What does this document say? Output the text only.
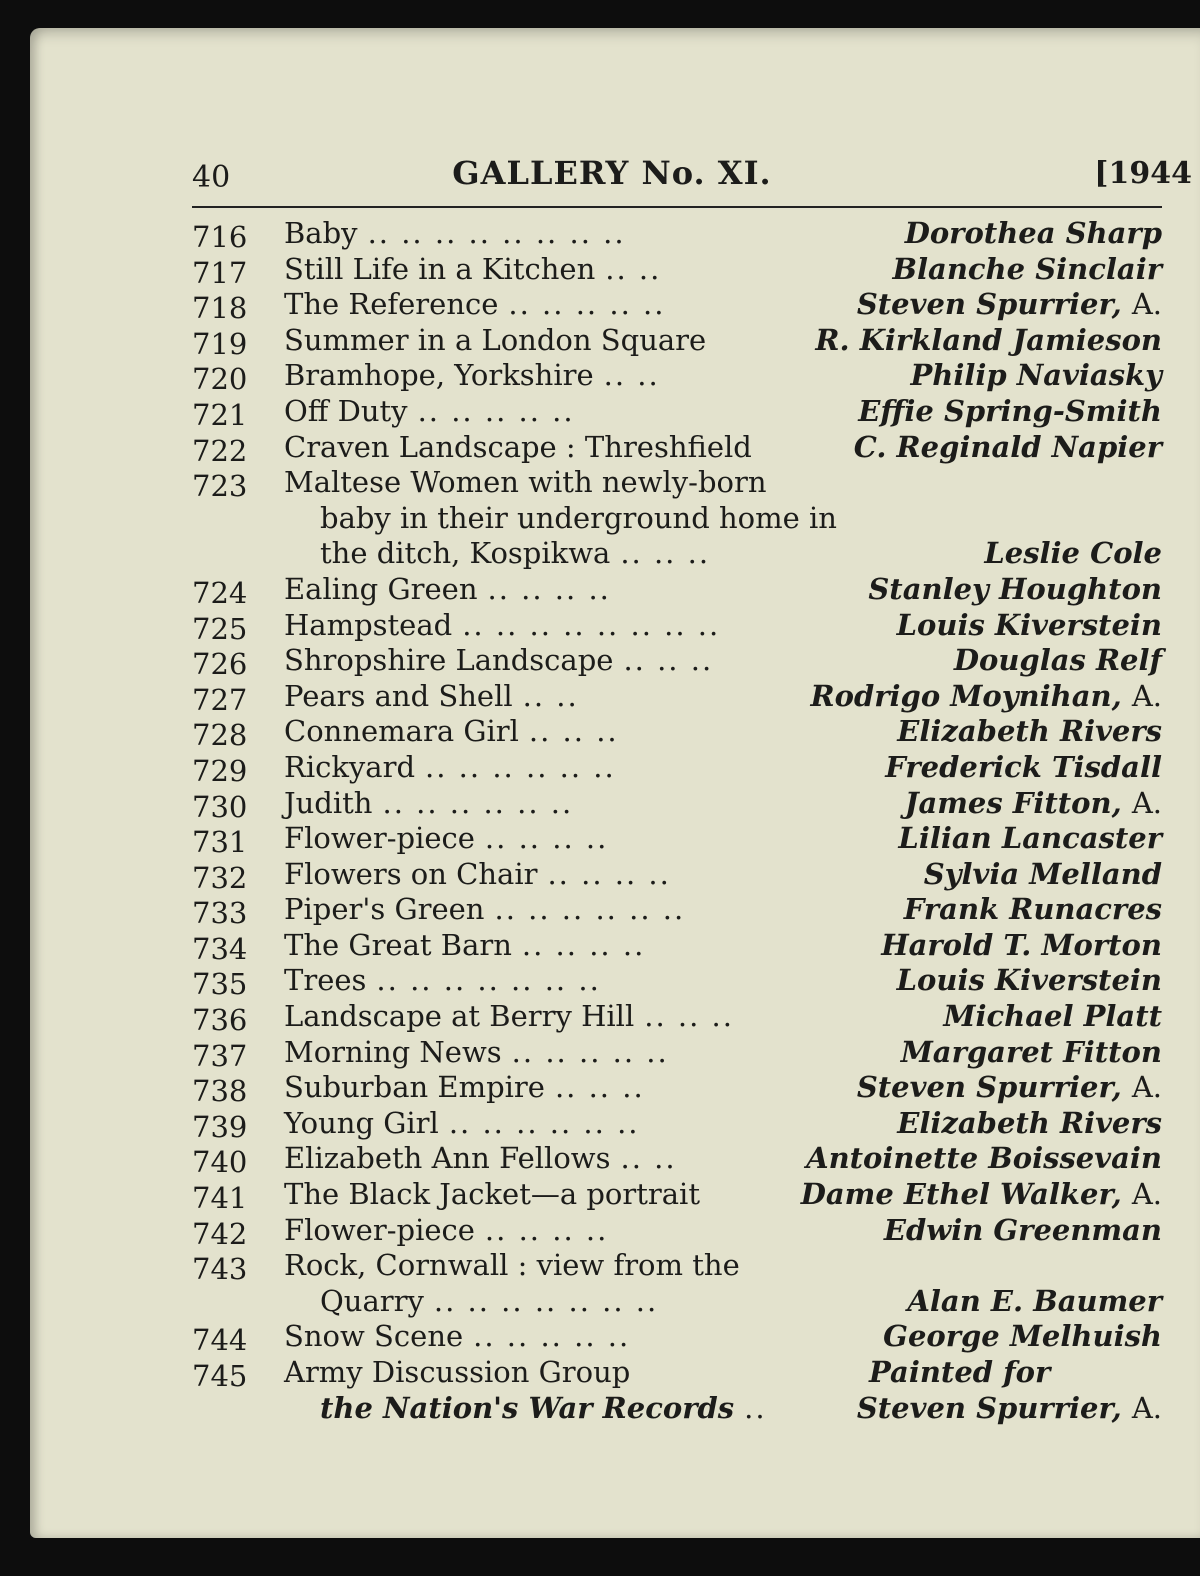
40	GALLERY No. XI.	[1944
716	Baby .. .. .. .. .. .. .. ..	Dorothea Sharp
717	Still Life in a Kitchen .. ..	Blanche Sinclair
718	The Reference .. .. .. .. ..	Steven Spurrier, A.
719	Summer in a London Square	R. Kirkland Jamieson
720	Bramhope, Yorkshire .. ..	Philip Naviasky
721	Off Duty .. .. .. .. ..	Effie Spring-Smith
722	Craven Landscape : Threshfield	C. Reginald Napier
723	Maltese Women with newly-born
baby in their underground home in
the ditch, Kospikwa .. .. ..	Leslie Cole
724	Ealing Green .. .. .. ..	Stanley Houghton
725	Hampstead .. .. .. .. .. .. .. ..	Louis Kiverstein
726	Shropshire Landscape .. .. ..	Douglas Relf
727	Pears and Shell .. ..	Rodrigo Moynihan, A.
728	Connemara Girl .. .. ..	Elizabeth Rivers
729	Rickyard .. .. .. .. .. ..	Frederick Tisdall
730	Judith .. .. .. .. .. ..	James Fitton, A.
731	Flower-piece .. .. .. ..	Lilian Lancaster
732	Flowers on Chair .. .. .. ..	Sylvia Melland
733	Piper's Green .. .. .. .. .. ..	Frank Runacres
734	The Great Barn .. .. .. ..	Harold T. Morton
735	Trees .. .. .. .. .. .. ..	Louis Kiverstein
736	Landscape at Berry Hill .. .. ..	Michael Platt
737	Morning News .. .. .. .. ..	Margaret Fitton
738	Suburban Empire .. .. ..	Steven Spurrier, A.
739	Young Girl .. .. .. .. .. ..	Elizabeth Rivers
740	Elizabeth Ann Fellows .. ..	Antoinette Boissevain
741	The Black Jacket—a portrait	Dame Ethel Walker, A.
742	Flower-piece .. .. .. ..	Edwin Greenman
743	Rock, Cornwall : view from the
Quarry .. .. .. .. .. .. ..	Alan E. Baumer
744	Snow Scene .. .. .. .. ..	George Melhuish
745	Army Discussion Group	Painted for
the Nation's War Records ..	Steven Spurrier, A.
